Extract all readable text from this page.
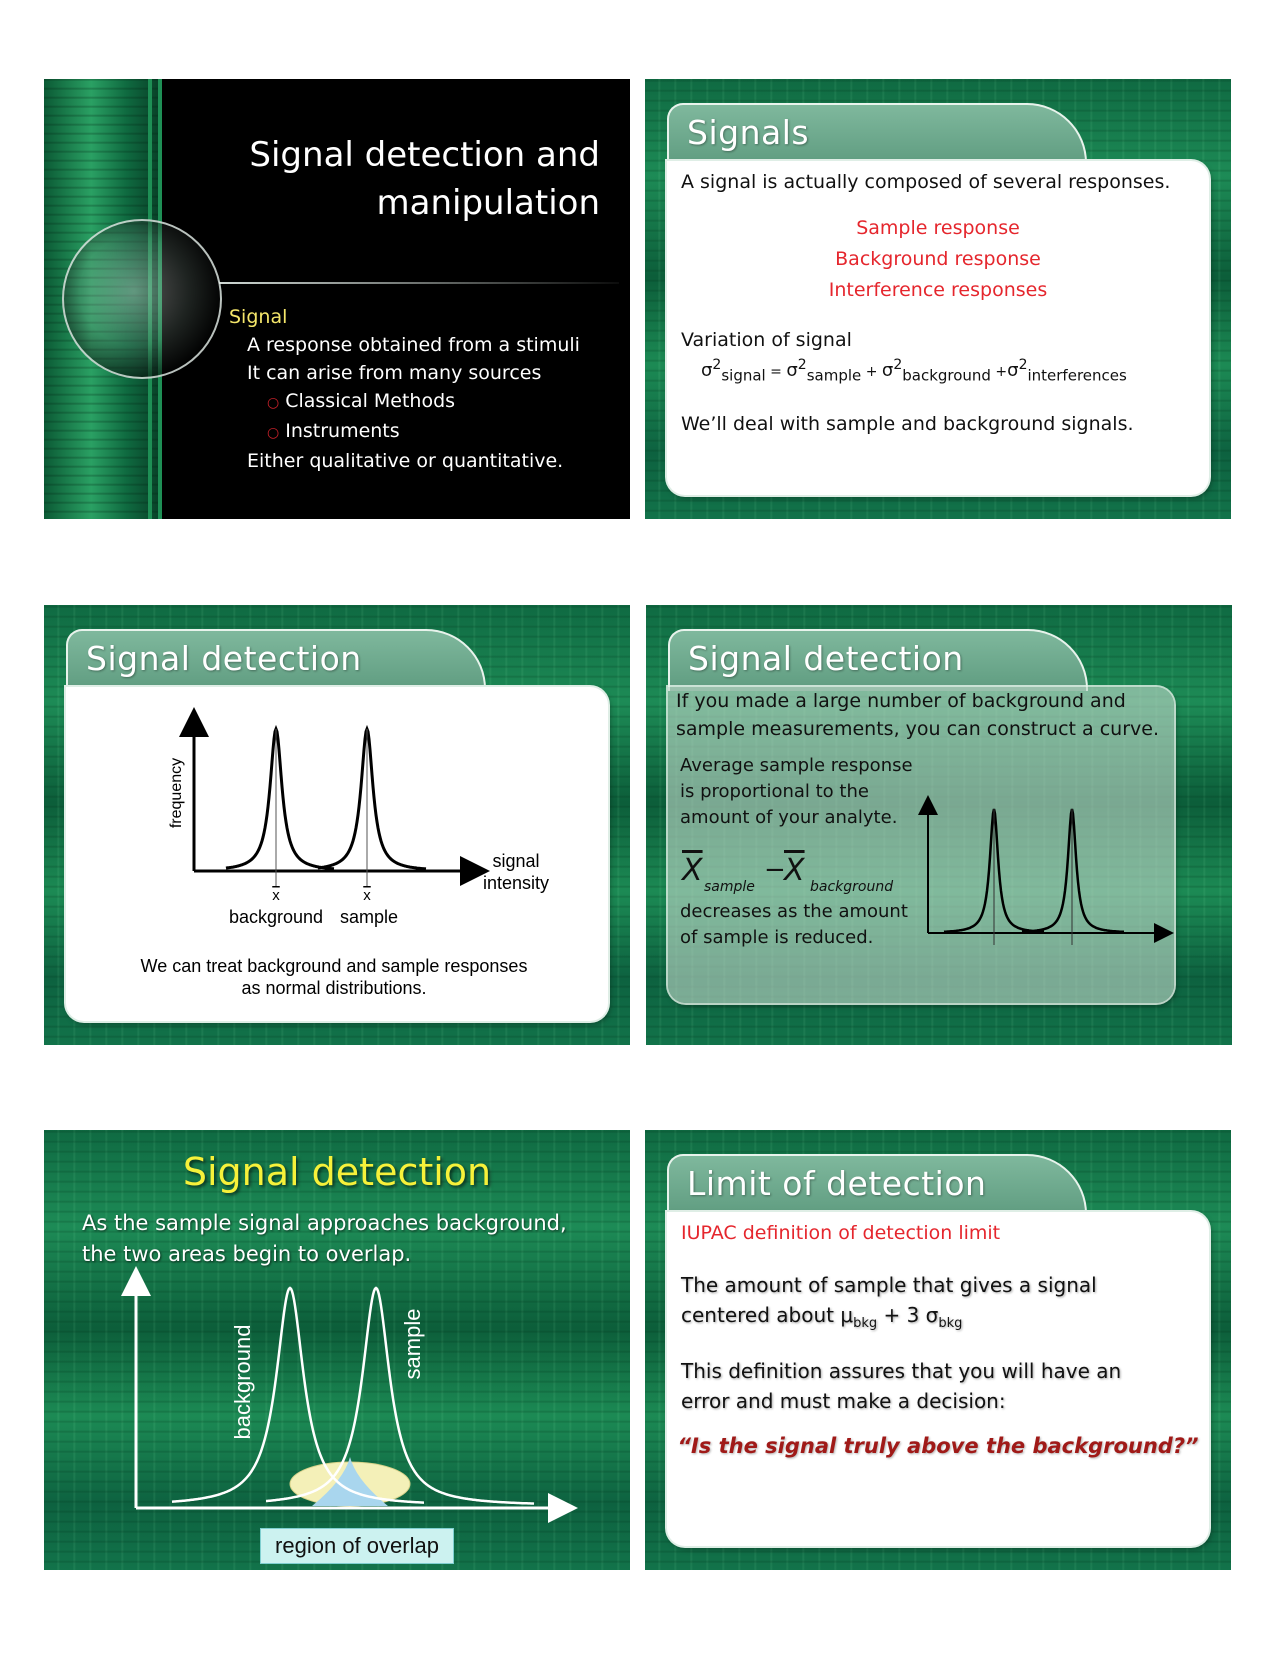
Signal detection and
manipulation
Signal
A response obtained from a stimuli
It can arise from many sources
○ Classical Methods
○ Instruments
Either qualitative or quantitative.
A signal is actually composed of several responses.
Sample response
Background response
Interference responses
Variation of signal
$\sigma^2_{signal} = \sigma^2_{sample} + \sigma^2_{background} +\sigma^2_{interferences}$
We’ll deal with sample and background signals.
Signals
frequency
signal
intensity
x	x
background sample
We can treat background and sample responses
as normal distributions.
Signal detection
If you made a large number of background and
sample measurements, you can construct a curve.
Average sample response
is proportional to the
amount of your analyte.
$\overline{X}$ sample
−
$\overline{X}$ background
decreases as the amount
of sample is reduced.
Signal detection
Signal detection
As the sample signal approaches background,
the two areas begin to overlap.
background	sample
region of overlap
IUPAC definition of detection limit
The amount of sample that gives a signal
centered about $\mu_{bkg} + 3$ $\sigma_{bkg}$
This definition assures that you will have an
error and must make a decision:
“Is the signal truly above the background?”
Limit of detection
